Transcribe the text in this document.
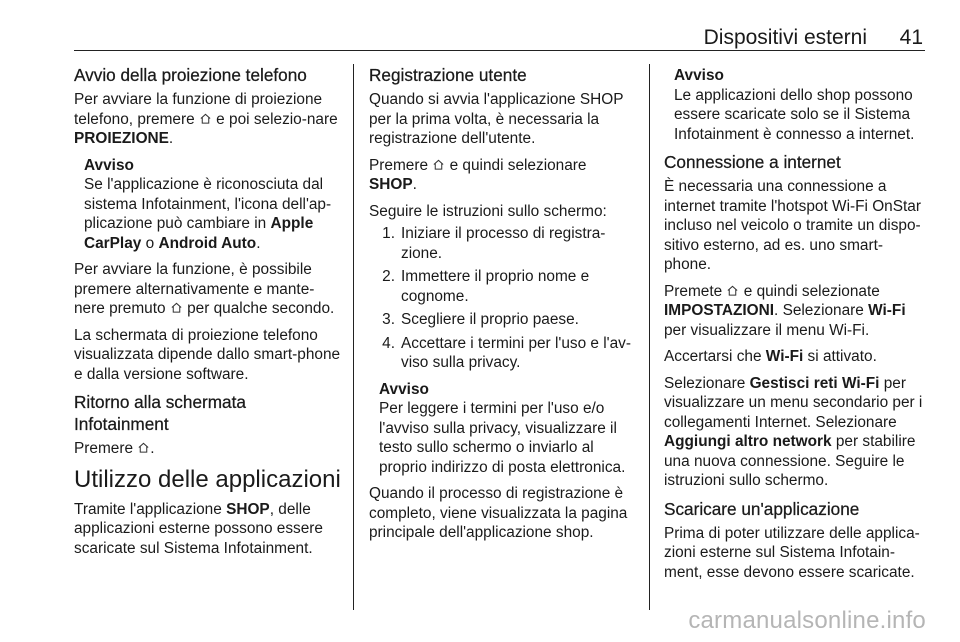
Dispositivi esterni 41
Avvio della proiezione telefono

Per avviare la funzione di proiezione telefono, premere  e poi selezio-nare PROIEZIONE.

Avviso
Se l'applicazione è riconosciuta dal sistema Infotainment, l'icona dell'ap-plicazione può cambiare in Apple CarPlay o Android Auto.

Per avviare la funzione, è possibile premere alternativamente e mante-nere premuto  per qualche secondo.

La schermata di proiezione telefono visualizzata dipende dallo smart-phone e dalla versione software.

Ritorno alla schermata Infotainment

Premere .

Utilizzo delle applicazioni

Tramite l'applicazione SHOP, delle applicazioni esterne possono essere scaricate sul Sistema Infotainment.

Registrazione utente

Quando si avvia l'applicazione SHOP per la prima volta, è necessaria la registrazione dell'utente.

Premere  e quindi selezionare SHOP.

Seguire le istruzioni sullo schermo:

1. Iniziare il processo di registra-zione.
2. Immettere il proprio nome e cognome.
3. Scegliere il proprio paese.
4. Accettare i termini per l'uso e l'av-viso sulla privacy.
Avviso
Per leggere i termini per l'uso e/o l'avviso sulla privacy, visualizzare il testo sullo schermo o inviarlo al proprio indirizzo di posta elettronica.

Quando il processo di registrazione è completo, viene visualizzata la pagina principale dell'applicazione shop.

Avviso
Le applicazioni dello shop possono essere scaricate solo se il Sistema Infotainment è connesso a internet.
Connessione a internet

È necessaria una connessione a internet tramite l'hotspot Wi-Fi OnStar incluso nel veicolo o tramite un dispo-sitivo esterno, ad es. uno smart-phone.

Premete  e quindi selezionate IMPOSTAZIONI. Selezionare Wi-Fi per visualizzare il menu Wi-Fi.

Accertarsi che Wi-Fi si attivato.

Selezionare Gestisci reti Wi-Fi per visualizzare un menu secondario per i collegamenti Internet. Selezionare Aggiungi altro network per stabilire una nuova connessione. Seguire le istruzioni sullo schermo.

Scaricare un'applicazione

Prima di poter utilizzare delle applica-zioni esterne sul Sistema Infotain-ment, esse devono essere scaricate.

carmanualsonline.info
